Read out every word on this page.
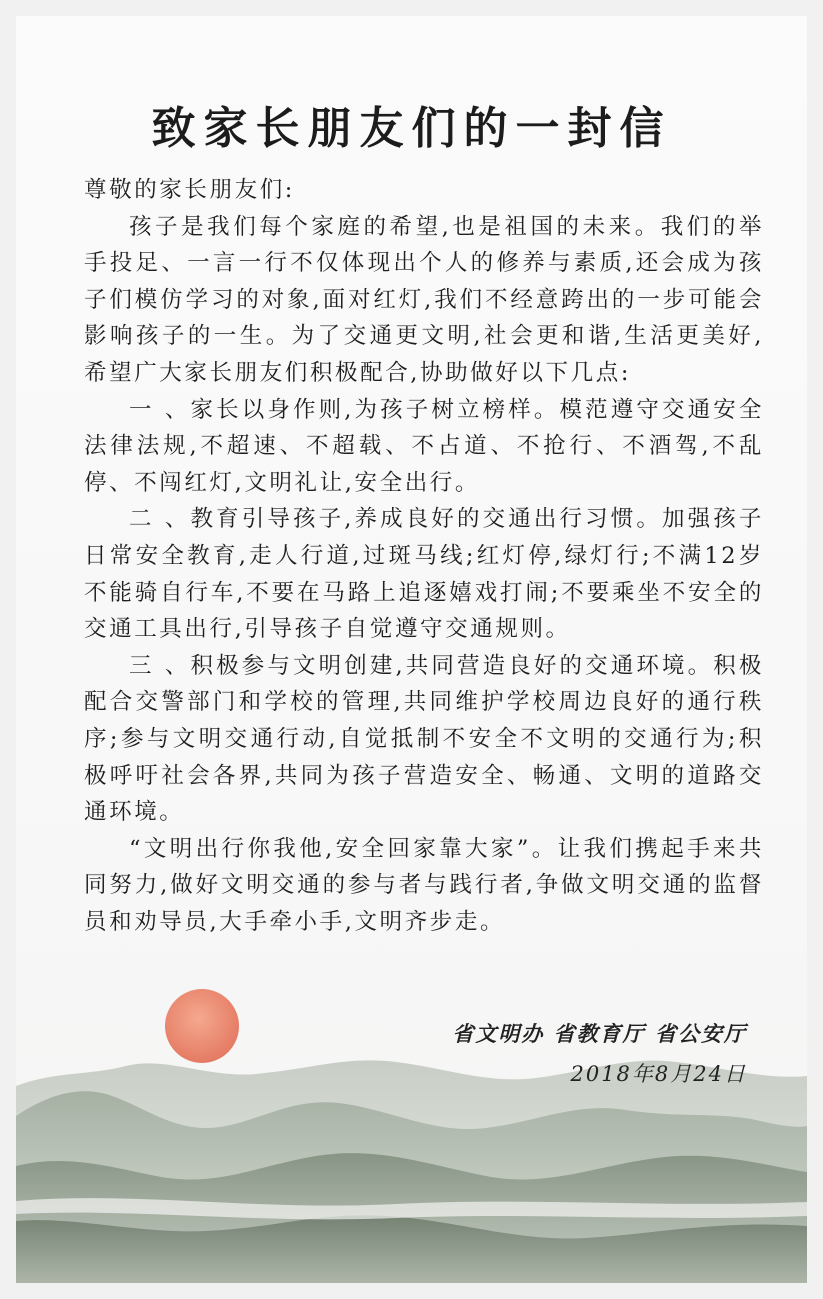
致家长朋友们的一封信

尊敬的家长朋友们:

孩子是我们每个家庭的希望,也是祖国的未来。我们的举手投足、一言一行不仅体现出个人的修养与素质,还会成为孩子们模仿学习的对象,面对红灯,我们不经意跨出的一步可能会影响孩子的一生。为了交通更文明,社会更和谐,生活更美好,希望广大家长朋友们积极配合,协助做好以下几点:

一 、家长以身作则,为孩子树立榜样。模范遵守交通安全法律法规,不超速、不超载、不占道、不抢行、不酒驾,不乱停、不闯红灯,文明礼让,安全出行。

二 、教育引导孩子,养成良好的交通出行习惯。加强孩子日常安全教育,走人行道,过斑马线;红灯停,绿灯行;不满12岁不能骑自行车,不要在马路上追逐嬉戏打闹;不要乘坐不安全的交通工具出行,引导孩子自觉遵守交通规则。

三 、积极参与文明创建,共同营造良好的交通环境。积极配合交警部门和学校的管理,共同维护学校周边良好的通行秩序;参与文明交通行动,自觉抵制不安全不文明的交通行为;积极呼吁社会各界,共同为孩子营造安全、畅通、文明的道路交通环境。

“文明出行你我他,安全回家靠大家”。让我们携起手来共同努力,做好文明交通的参与者与践行者,争做文明交通的监督员和劝导员,大手牵小手,文明齐步走。

省文明办 省教育厅 省公安厅
2018年8月24日
